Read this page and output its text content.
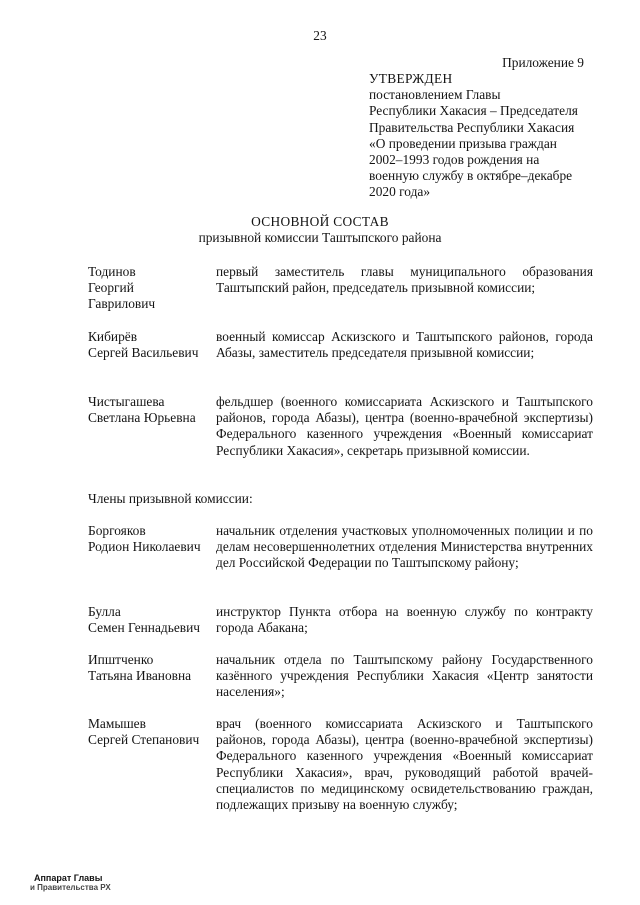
23
Приложение 9
УТВЕРЖДЕН
постановлением Главы
Республики Хакасия – Председателя
Правительства Республики Хакасия
«О проведении призыва граждан
2002–1993 годов рождения на
военную службу в октябре–декабре
2020 года»
ОСНОВНОЙ СОСТАВ
призывной комиссии Таштыпского района
Тодинов
Георгий
Гаврилович
первый заместитель главы муниципального образования Таштыпский район, председатель призывной комиссии;
Кибирёв
Сергей Васильевич
военный комиссар Аскизского и Таштыпского районов, города Абазы, заместитель председателя призывной комиссии;
Чистыгашева
Светлана Юрьевна
фельдшер (военного комиссариата Аскизского и Таштыпского районов, города Абазы), центра (военно-врачебной экспертизы) Федерального казенного учреждения «Военный комиссариат Республики Хакасия», секретарь призывной комиссии.
Члены призывной комиссии:
Боргояков
Родион Николаевич
начальник отделения участковых уполномоченных полиции и по делам несовершеннолетних отделения Министерства внутренних дел Российской Федерации по Таштыпскому району;
Булла
Семен Геннадьевич
инструктор Пункта отбора на военную службу по контракту города Абакана;
Ипштченко
Татьяна Ивановна
начальник отдела по Таштыпскому району Государственного казённого учреждения Республики Хакасия «Центр занятости населения»;
Мамышев
Сергей Степанович
врач (военного комиссариата Аскизского и Таштыпского районов, города Абазы), центра (военно-врачебной экспертизы) Федерального казенного учреждения «Военный комиссариат Республики Хакасия», врач, руководящий работой врачей-специалистов по медицинскому освидетельствованию граждан, подлежащих призыву на военную службу;
Аппарат Главы
и Правительства РХ
